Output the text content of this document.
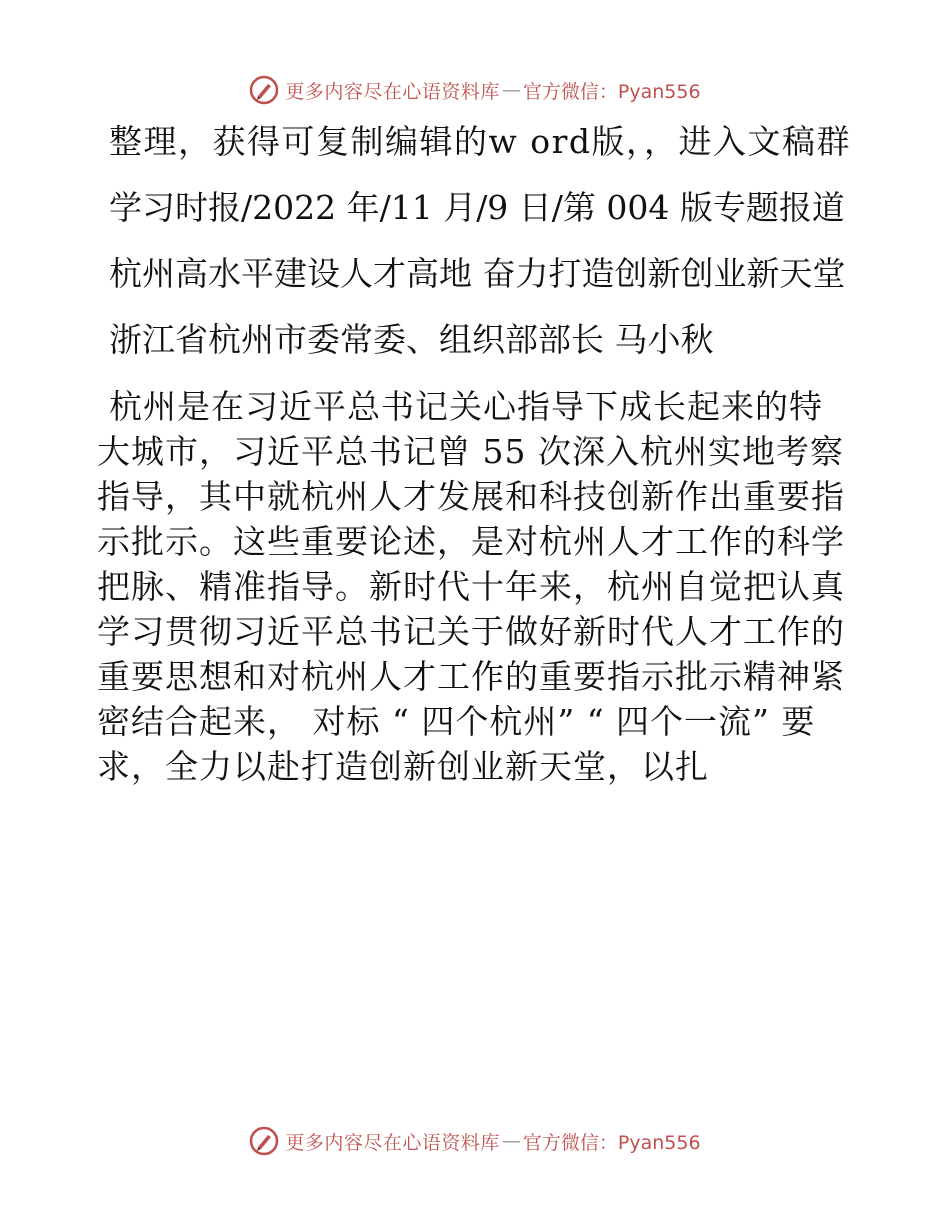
更多内容尽在心语资料库 — 官方微信：Pyan556

整理，获得可复制编辑的w ord版，，进入文稿群

学习时报/2022 年/11 月/9 日/第 004 版专题报道

杭州高水平建设人才高地 奋力打造创新创业新天堂

浙江省杭州市委常委、组织部部长 马小秋

杭州是在习近平总书记关心指导下成长起来的特大城市，习近平总书记曾 55 次深入杭州实地考察指导，其中就杭州人才发展和科技创新作出重要指示批示。这些重要论述，是对杭州人才工作的科学把脉、精准指导。新时代十年来，杭州自觉把认真学习贯彻习近平总书记关于做好新时代人才工作的重要思想和对杭州人才工作的重要指示批示精神紧密结合起来， 对标 “ 四个杭州” “ 四个一流” 要求，全力以赴打造创新创业新天堂，以扎

更多内容尽在心语资料库 — 官方微信：Pyan556
